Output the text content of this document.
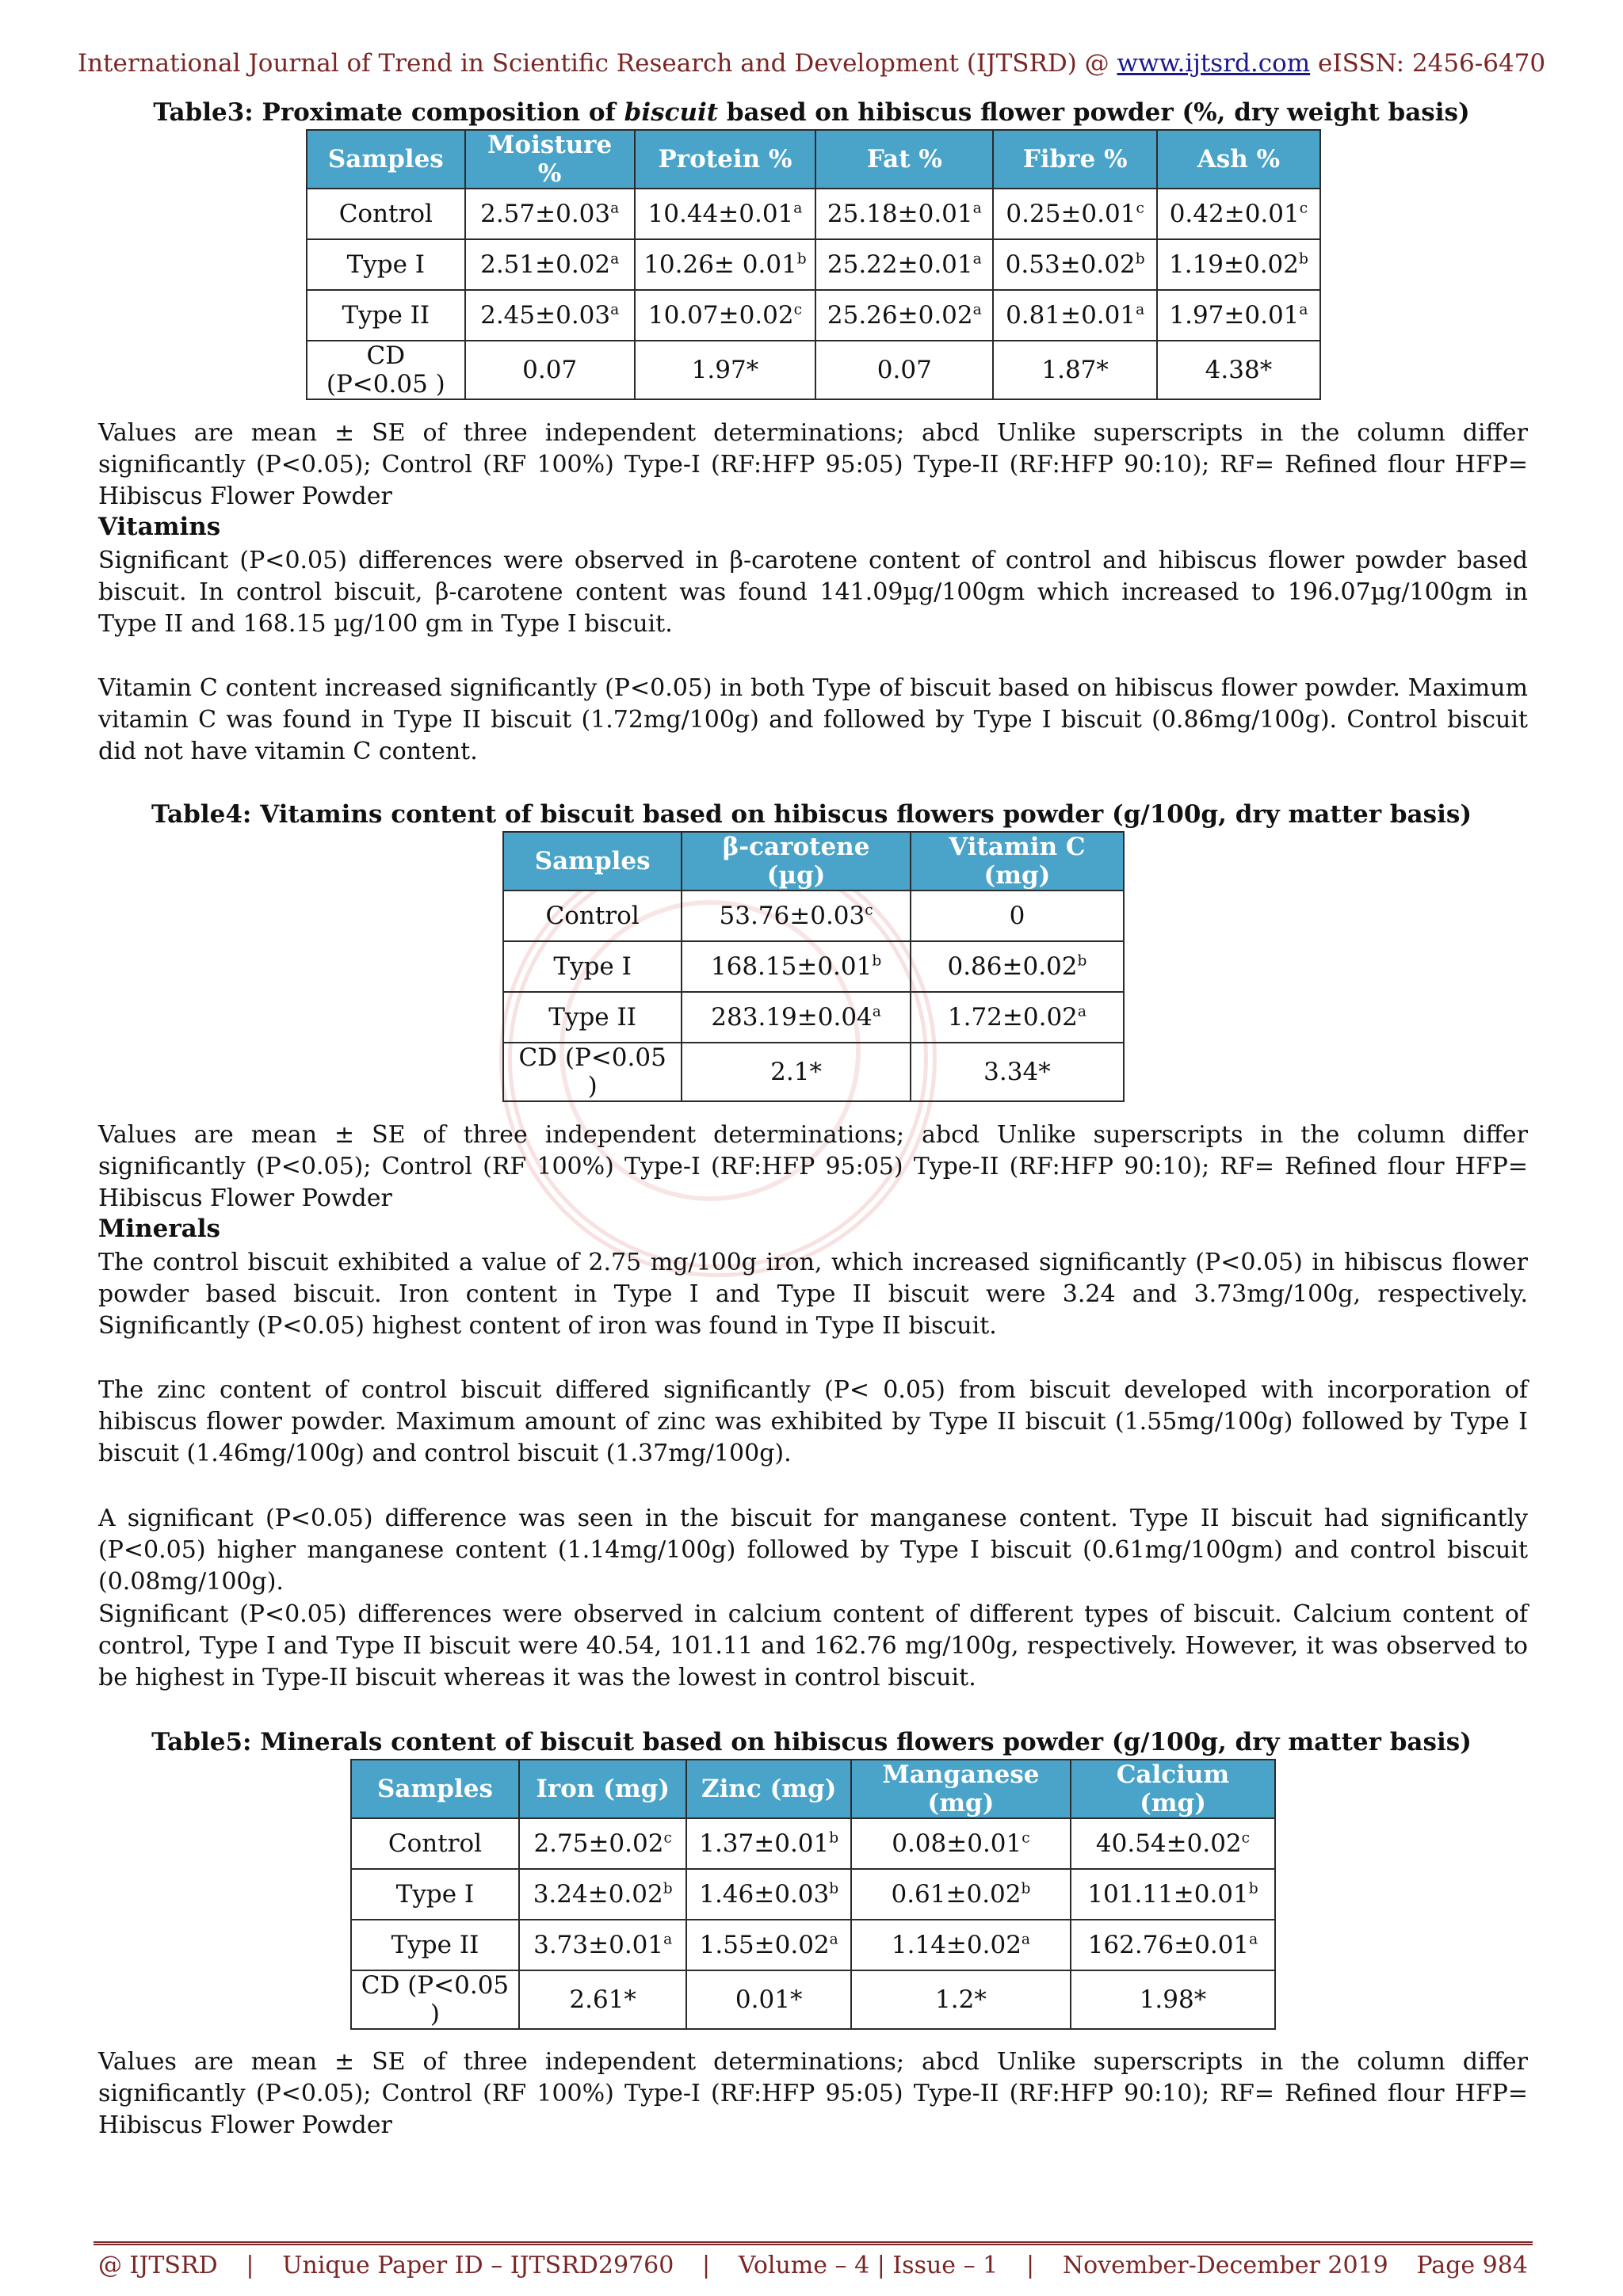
International Journal of Trend in Scientific Research and Development (IJTSRD) @ www.ijtsrd.com eISSN: 2456-6470
Table3: Proximate composition of biscuit based on hibiscus flower powder (%, dry weight basis)
Samples	Moisture %	Protein %	Fat %	Fibre %	Ash %
Control	2.57±0.03$^a$	10.44±0.01$^a$	25.18±0.01$^a$	0.25±0.01$^c$	0.42±0.01$^c$
Type I	2.51±0.02$^a$	10.26± 0.01$^b$	25.22±0.01$^a$	0.53±0.02$^b$	1.19±0.02$^b$
Type II	2.45±0.03$^a$	10.07±0.02$^c$	25.26±0.02$^a$	0.81±0.01$^a$	1.97±0.01$^a$
CD (P<0.05 )	0.07	1.97*	0.07	1.87*	4.38*
Values are mean ± SE of three independent determinations; abcd Unlike superscripts in the column differ significantly (P<0.05); Control (RF 100%) Type-I (RF:HFP 95:05) Type-II (RF:HFP 90:10); RF= Refined flour HFP= Hibiscus Flower Powder
Vitamins
Significant (P<0.05) differences were observed in β-carotene content of control and hibiscus flower powder based biscuit. In control biscuit, β-carotene content was found 141.09µg/100gm which increased to 196.07µg/100gm in Type II and 168.15 µg/100 gm in Type I biscuit.
Vitamin C content increased significantly (P<0.05) in both Type of biscuit based on hibiscus flower powder. Maximum vitamin C was found in Type II biscuit (1.72mg/100g) and followed by Type I biscuit (0.86mg/100g). Control biscuit did not have vitamin C content.
Table4: Vitamins content of biscuit based on hibiscus flowers powder (g/100g, dry matter basis)
Samples	β-carotene (µg)	Vitamin C (mg)
Control	53.76±0.03$^c$	0
Type I	168.15±0.01$^b$	0.86±0.02$^b$
Type II	283.19±0.04$^a$	1.72±0.02$^a$
CD (P<0.05 )	2.1*	3.34*
Values are mean ± SE of three independent determinations; abcd Unlike superscripts in the column differ significantly (P<0.05); Control (RF 100%) Type-I (RF:HFP 95:05) Type-II (RF:HFP 90:10); RF= Refined flour HFP= Hibiscus Flower Powder
Minerals
The control biscuit exhibited a value of 2.75 mg/100g iron, which increased significantly (P<0.05) in hibiscus flower powder based biscuit. Iron content in Type I and Type II biscuit were 3.24 and 3.73mg/100g, respectively. Significantly (P<0.05) highest content of iron was found in Type II biscuit.
The zinc content of control biscuit differed significantly (P< 0.05) from biscuit developed with incorporation of hibiscus flower powder. Maximum amount of zinc was exhibited by Type II biscuit (1.55mg/100g) followed by Type I biscuit (1.46mg/100g) and control biscuit (1.37mg/100g).
A significant (P<0.05) difference was seen in the biscuit for manganese content. Type II biscuit had significantly (P<0.05) higher manganese content (1.14mg/100g) followed by Type I biscuit (0.61mg/100gm) and control biscuit (0.08mg/100g).
Significant (P<0.05) differences were observed in calcium content of different types of biscuit. Calcium content of control, Type I and Type II biscuit were 40.54, 101.11 and 162.76 mg/100g, respectively. However, it was observed to be highest in Type-II biscuit whereas it was the lowest in control biscuit.
Table5: Minerals content of biscuit based on hibiscus flowers powder (g/100g, dry matter basis)
Samples	Iron (mg)	Zinc (mg)	Manganese (mg)	Calcium (mg)
Control	2.75±0.02$^c$	1.37±0.01$^b$	0.08±0.01$^c$	40.54±0.02$^c$
Type I	3.24±0.02$^b$	1.46±0.03$^b$	0.61±0.02$^b$	101.11±0.01$^b$
Type II	3.73±0.01$^a$	1.55±0.02$^a$	1.14±0.02$^a$	162.76±0.01$^a$
CD (P<0.05 )	2.61*	0.01*	1.2*	1.98*
Values are mean ± SE of three independent determinations; abcd Unlike superscripts in the column differ significantly (P<0.05); Control (RF 100%) Type-I (RF:HFP 95:05) Type-II (RF:HFP 90:10); RF= Refined flour HFP= Hibiscus Flower Powder
@ IJTSRD | Unique Paper ID – IJTSRD29760 | Volume – 4 | Issue – 1 | November-December 2019 Page 984
